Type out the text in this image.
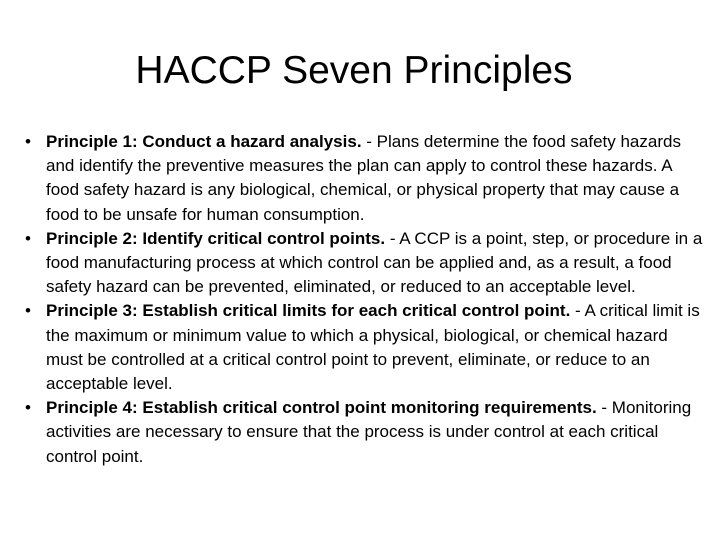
HACCP Seven Principles
• Principle 1: Conduct a hazard analysis. - Plans determine the food safety hazards and identify the preventive measures the plan can apply to control these hazards. A food safety hazard is any biological, chemical, or physical property that may cause a food to be unsafe for human consumption.
• Principle 2: Identify critical control points. - A CCP is a point, step, or procedure in a food manufacturing process at which control can be applied and, as a result, a food safety hazard can be prevented, eliminated, or reduced to an acceptable level.
• Principle 3: Establish critical limits for each critical control point. - A critical limit is the maximum or minimum value to which a physical, biological, or chemical hazard must be controlled at a critical control point to prevent, eliminate, or reduce to an acceptable level.
• Principle 4: Establish critical control point monitoring requirements. - Monitoring activities are necessary to ensure that the process is under control at each critical control point.
